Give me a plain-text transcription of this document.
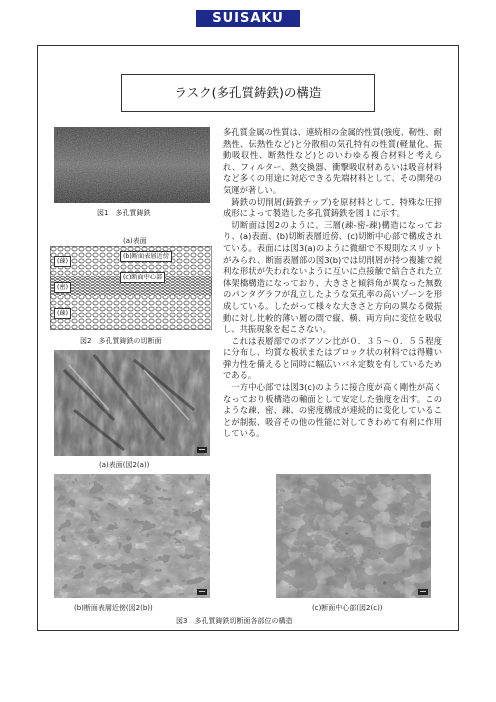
SUISAKU
ラスク(多孔質鋳鉄)の構造
図1　多孔質鋳鉄
(a)表面
(疎)
(b)断面表層近傍
(密)
(c)断面中心部
(疎)
図2　多孔質鋳鉄の切断面
━━
(a)表面(図2(a))
━━
(b)断面表層近傍(図2(b))
━━
(c)断面中心部(図2(c))
図3　多孔質鋳鉄切断面各部位の構造

多孔質金属の性質は、連続相の金属的性質(強度、靭性、耐熱性、伝熱性など)と分散相の気孔特有の性質(軽量化、振動吸収性、断熱性など)とのいわゆる複合材料と考えられ、フィルター、熱交換器、衝撃吸収材あるいは吸音材料など多くの用途に対応できる先端材料として、その開発の気運が著しい。

鋳鉄の切削屑(鋳鉄チップ)を原材料として、特殊な圧搾成形によって製造した多孔質鋳鉄を図１に示す。

切断面は図2のように、三層(疎-密-疎)構造になっており、(a)表面、(b)切断表層近傍、(c)切断中心部で構成されている。表面には図3(a)のように微細で不規則なスリットがみられ、断面表層部の図3(b)では切削屑が持つ複雑で鋭利な形状が失われないように互いに点接触で結合された立体架橋構造になっており、大きさと傾斜角が異なった無数のパンタグラフが乱立したような気孔率の高いゾーンを形成している。したがって様々な大きさと方向の異なる微振動に対し比較的薄い層の間で縦、横、両方向に変位を吸収し、共振現象を起こさない。

これは表層部でのポアソン比が０．３５～０．５５程度に分布し、均質な板状またはブロック状の材料では得難い弾力性を備えると同時に幅広いバネ定数を有しているためである。

一方中心部では図3(c)のように接合度が高く剛性が高くなっており板構造の軸面として安定した強度を出す。このような疎、密、疎、の密度構成が連続的に変化していることが制振、吸音その他の性能に対してきわめて有利に作用している。
